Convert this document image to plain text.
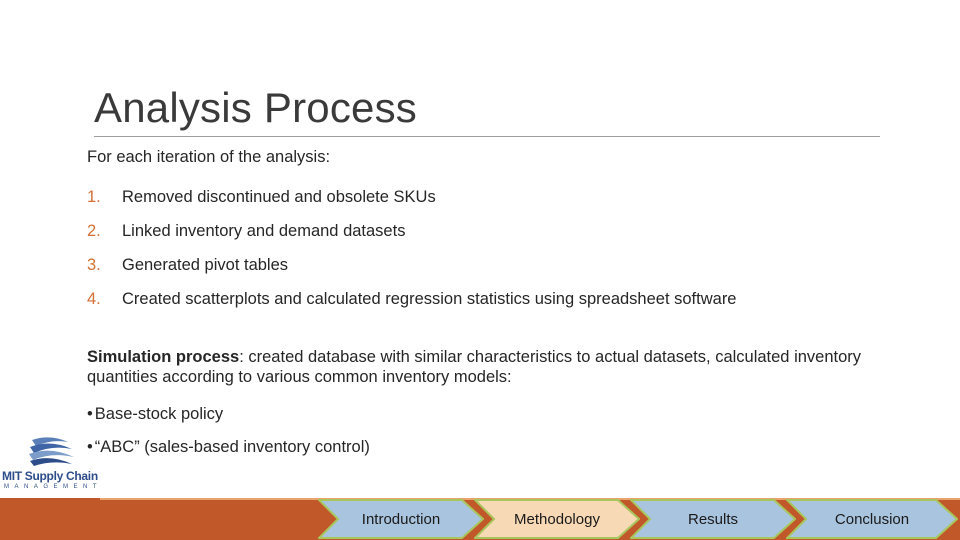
Analysis Process
For each iteration of the analysis:
1.	Removed discontinued and obsolete SKUs
2.	Linked inventory and demand datasets
3.	Generated pivot tables
4.	Created scatterplots and calculated regression statistics using spreadsheet software
Simulation process: created database with similar characteristics to actual datasets, calculated inventory quantities according to various common inventory models:
• Base-stock policy
• “ABC” (sales-based inventory control)
MIT Supply Chain
MANAGEMENT
Introduction	Methodology	Results	Conclusion
